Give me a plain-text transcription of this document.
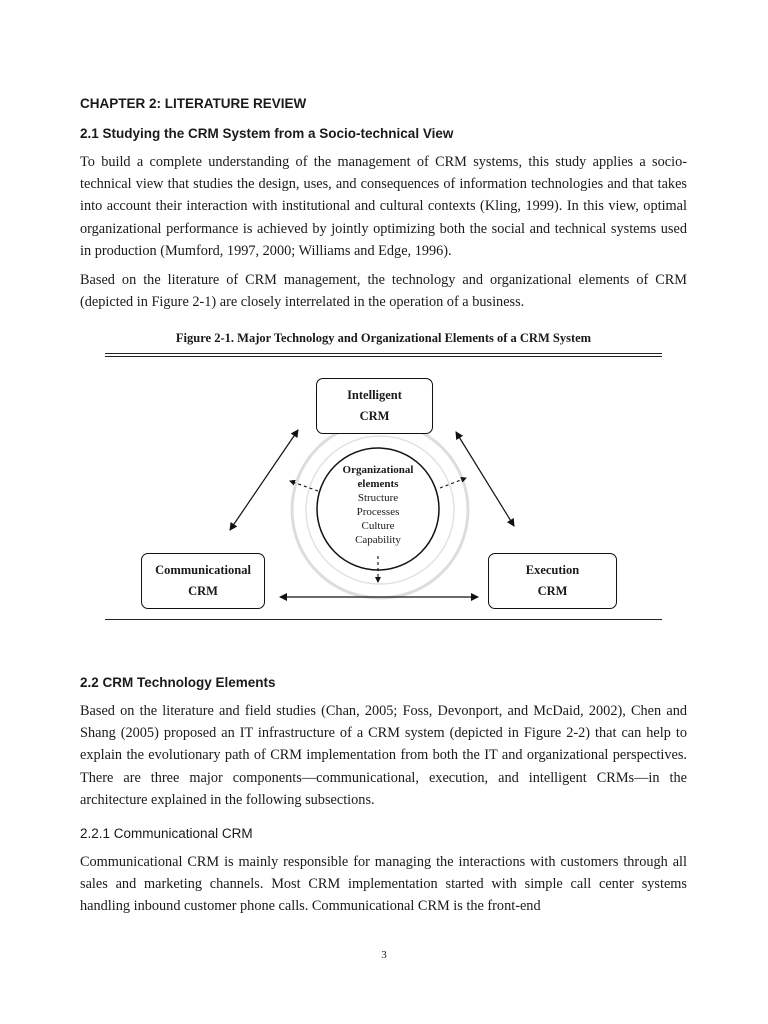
CHAPTER 2: LITERATURE REVIEW
2.1 Studying the CRM System from a Socio-technical View

To build a complete understanding of the management of CRM systems, this study applies a socio-technical view that studies the design, uses, and consequences of information technologies and that takes into account their interaction with institutional and cultural contexts (Kling, 1999). In this view, optimal organizational performance is achieved by jointly optimizing both the social and technical systems used in production (Mumford, 1997, 2000; Williams and Edge, 1996).

Based on the literature of CRM management, the technology and organizational elements of CRM (depicted in Figure 2-1) are closely interrelated in the operation of a business.

Figure 2-1. Major Technology and Organizational Elements of a CRM System
Intelligent
CRM
Communicational
CRM
Execution
CRM
Organizational
elements
Structure
Processes
Culture
Capability
2.2 CRM Technology Elements

Based on the literature and field studies (Chan, 2005; Foss, Devonport, and McDaid, 2002), Chen and Shang (2005) proposed an IT infrastructure of a CRM system (depicted in Figure 2-2) that can help to explain the evolutionary path of CRM implementation from both the IT and organizational perspectives. There are three major components—communicational, execution, and intelligent CRMs—in the architecture explained in the following subsections.

2.2.1 Communicational CRM

Communicational CRM is mainly responsible for managing the interactions with customers through all sales and marketing channels. Most CRM implementation started with simple call center systems handling inbound customer phone calls. Communicational CRM is the front-end

3
